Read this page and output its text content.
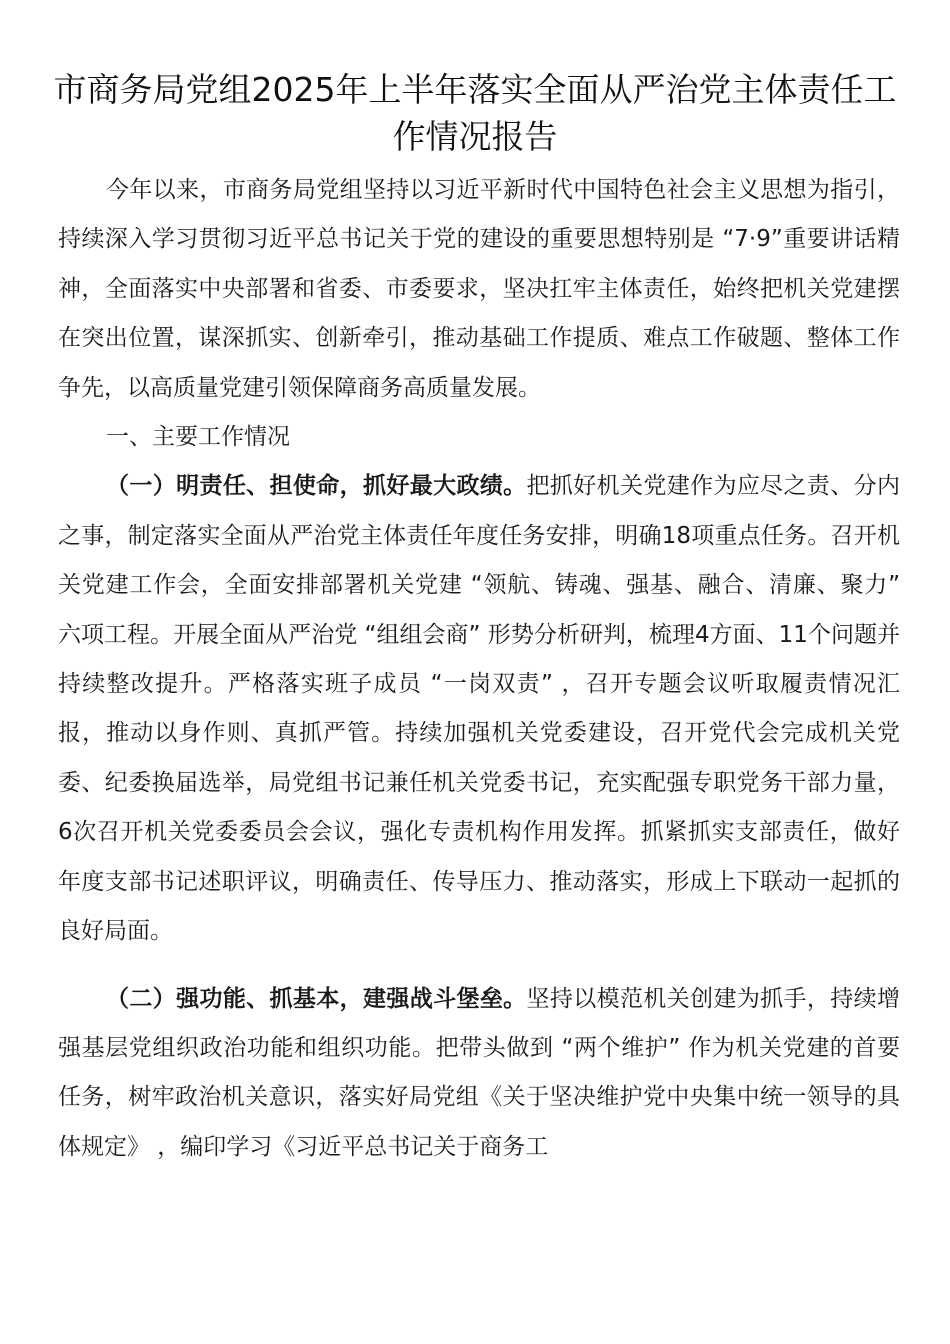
市商务局党组2025年上半年落实全面从严治党主体责任工作情况报告

今年以来，市商务局党组坚持以习近平新时代中国特色社会主义思想为指引，持续深入学习贯彻习近平总书记关于党的建设的重要思想特别是 “7·9”重要讲话精神，全面落实中央部署和省委、市委要求，坚决扛牢主体责任，始终把机关党建摆在突出位置，谋深抓实、创新牵引，推动基础工作提质、难点工作破题、整体工作争先，以高质量党建引领保障商务高质量发展。

一、主要工作情况

（一）明责任、担使命，抓好最大政绩。把抓好机关党建作为应尽之责、分内之事，制定落实全面从严治党主体责任年度任务安排，明确18项重点任务。召开机关党建工作会，全面安排部署机关党建 “领航、铸魂、强基、融合、清廉、聚力” 六项工程。开展全面从严治党 “组组会商” 形势分析研判，梳理4方面、11个问题并持续整改提升。严格落实班子成员 “一岗双责” ，召开专题会议听取履责情况汇报，推动以身作则、真抓严管。持续加强机关党委建设，召开党代会完成机关党委、纪委换届选举，局党组书记兼任机关党委书记，充实配强专职党务干部力量，6次召开机关党委委员会会议，强化专责机构作用发挥。抓紧抓实支部责任，做好年度支部书记述职评议，明确责任、传导压力、推动落实，形成上下联动一起抓的良好局面。

（二）强功能、抓基本，建强战斗堡垒。坚持以模范机关创建为抓手，持续增强基层党组织政治功能和组织功能。把带头做到 “两个维护” 作为机关党建的首要任务，树牢政治机关意识，落实好局党组《关于坚决维护党中央集中统一领导的具体规定》 ，编印学习《习近平总书记关于商务工
